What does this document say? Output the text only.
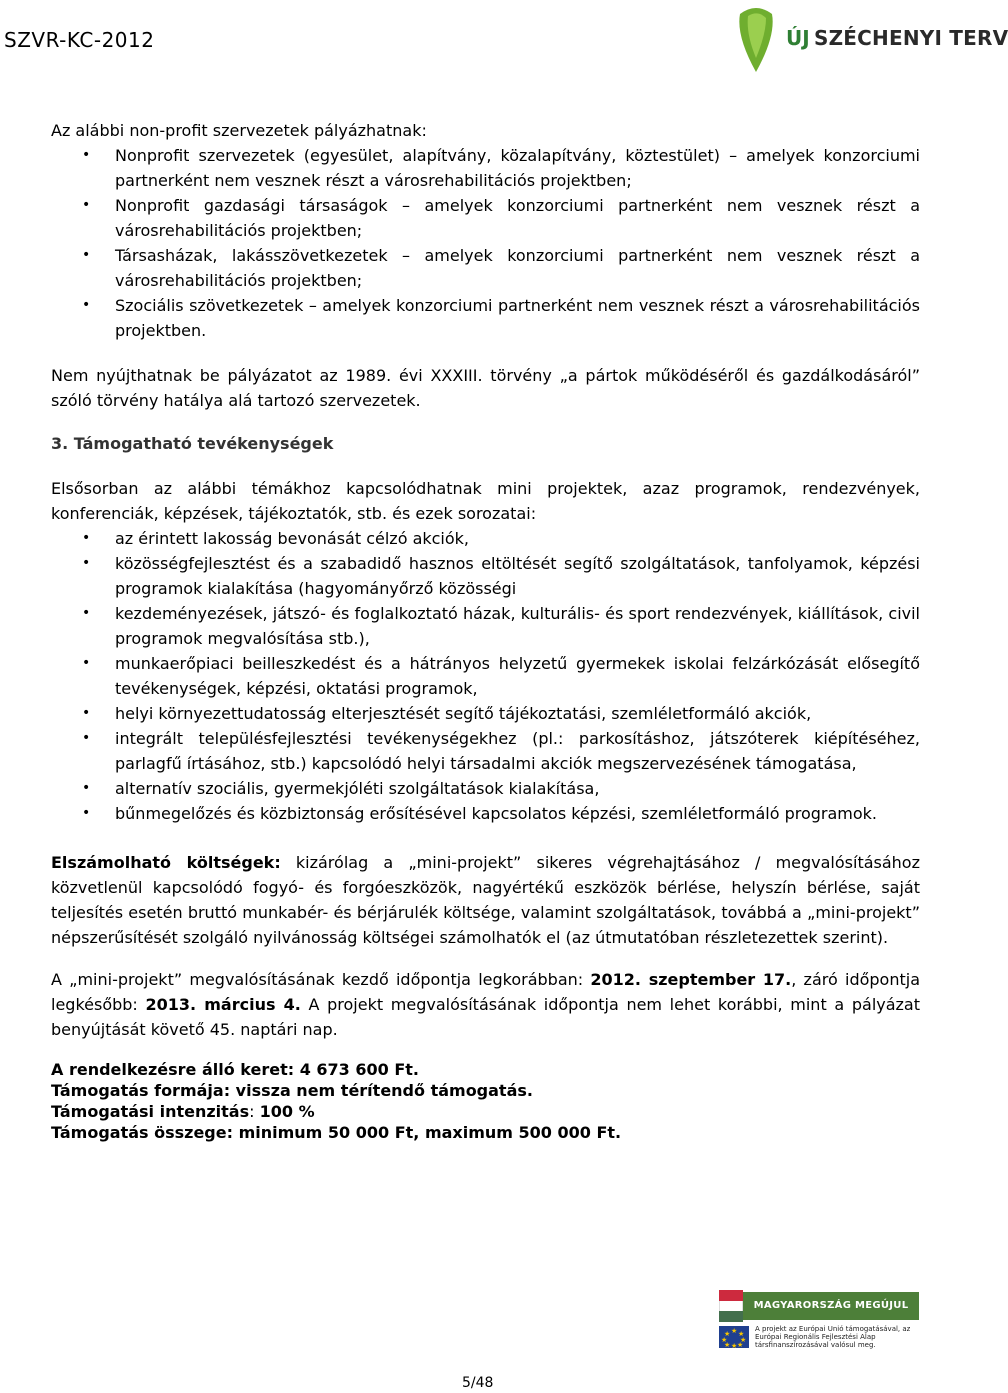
SZVR-KC-2012	ÚJ SZÉCHENYI TERV

Az alábbi non-profit szervezetek pályázhatnak:

• Nonprofit szervezetek (egyesület, alapítvány, közalapítvány, köztestület) – amelyek konzorciumi partnerként nem vesznek részt a városrehabilitációs projektben;
• Nonprofit gazdasági társaságok – amelyek konzorciumi partnerként nem vesznek részt a városrehabilitációs projektben;
• Társasházak, lakásszövetkezetek – amelyek konzorciumi partnerként nem vesznek részt a városrehabilitációs projektben;
• Szociális szövetkezetek – amelyek konzorciumi partnerként nem vesznek részt a városrehabilitációs projektben.

Nem nyújthatnak be pályázatot az 1989. évi XXXIII. törvény „a pártok működéséről és gazdálkodásáról” szóló törvény hatálya alá tartozó szervezetek.

3. Támogatható tevékenységek

Elsősorban az alábbi témákhoz kapcsolódhatnak mini projektek, azaz programok, rendezvények, konferenciák, képzések, tájékoztatók, stb. és ezek sorozatai:

• az érintett lakosság bevonását célzó akciók,
• közösségfejlesztést és a szabadidő hasznos eltöltését segítő szolgáltatások, tanfolyamok, képzési programok kialakítása (hagyományőrző közösségi
• kezdeményezések, játszó- és foglalkoztató házak, kulturális- és sport rendezvények, kiállítások, civil programok megvalósítása stb.),
• munkaerőpiaci beilleszkedést és a hátrányos helyzetű gyermekek iskolai felzárkózását elősegítő tevékenységek, képzési, oktatási programok,
• helyi környezettudatosság elterjesztését segítő tájékoztatási, szemléletformáló akciók,
• integrált településfejlesztési tevékenységekhez (pl.: parkosításhoz, játszóterek kiépítéséhez, parlagfű írtásához, stb.) kapcsolódó helyi társadalmi akciók megszervezésének támogatása,
• alternatív szociális, gyermekjóléti szolgáltatások kialakítása,
• bűnmegelőzés és közbiztonság erősítésével kapcsolatos képzési, szemléletformáló programok.

Elszámolható költségek: kizárólag a „mini-projekt” sikeres végrehajtásához / megvalósításához közvetlenül kapcsolódó fogyó- és forgóeszközök, nagyértékű eszközök bérlése, helyszín bérlése, saját teljesítés esetén bruttó munkabér- és bérjárulék költsége, valamint szolgáltatások, továbbá a „mini-projekt” népszerűsítését szolgáló nyilvánosság költségei számolhatók el (az útmutatóban részletezettek szerint).

A „mini-projekt” megvalósításának kezdő időpontja legkorábban: 2012. szeptember 17., záró időpontja legkésőbb: 2013. március 4. A projekt megvalósításának időpontja nem lehet korábbi, mint a pályázat benyújtását követő 45. naptári nap.

A rendelkezésre álló keret: 4 673 600 Ft.
Támogatás formája: vissza nem térítendő támogatás.
Támogatási intenzitás: 100 %
Támogatás összege: minimum 50 000 Ft, maximum 500 000 Ft.
MAGYARORSZÁG MEGÚJUL
★ ★
★
★
★
★
★
★
A projekt az Európai Unió támogatásával, az Európai Regionális Fejlesztési Alap társfinanszírozásával valósul meg.
5/48
